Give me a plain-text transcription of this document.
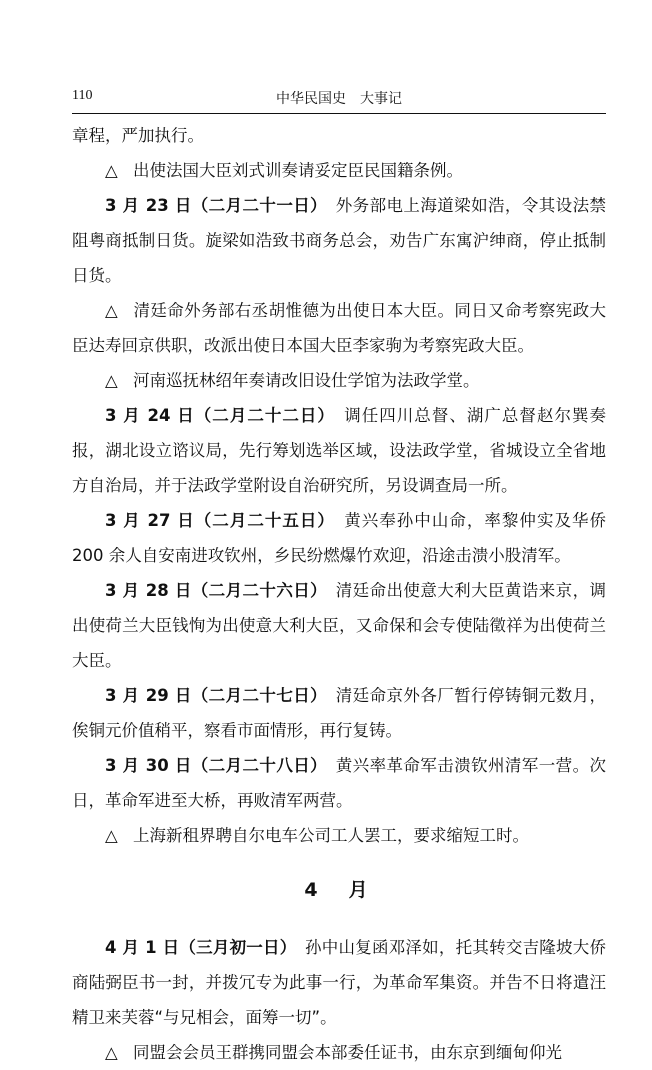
110	中华民国史　大事记
章程，严加执行。
△ 出使法国大臣刘式训奏请妥定臣民国籍条例。
3 月 23 日（二月二十一日）　 外务部电上海道梁如浩，令其设法禁阻粤商抵制日货。旋梁如浩致书商务总会，劝告广东寓沪绅商，停止抵制日货。
△ 清廷命外务部右丞胡惟德为出使日本大臣。同日又命考察宪政大臣达寿回京供职，改派出使日本国大臣李家驹为考察宪政大臣。
△ 河南巡抚林绍年奏请改旧设仕学馆为法政学堂。
3 月 24 日（二月二十二日）　 调任四川总督、湖广总督赵尔巽奏报，湖北设立谘议局，先行筹划选举区域，设法政学堂，省城设立全省地方自治局，并于法政学堂附设自治研究所，另设调查局一所。
3 月 27 日（二月二十五日）　 黄兴奉孙中山命，率黎仲实及华侨 200 余人自安南进攻钦州，乡民纷燃爆竹欢迎，沿途击溃小股清军。
3 月 28 日（二月二十六日）　 清廷命出使意大利大臣黄诰来京，调出使荷兰大臣钱恂为出使意大利大臣，又命保和会专使陆徵祥为出使荷兰大臣。
3 月 29 日（二月二十七日）　 清廷命京外各厂暂行停铸铜元数月，俟铜元价值稍平，察看市面情形，再行复铸。
3 月 30 日（二月二十八日）　 黄兴率革命军击溃钦州清军一营。次日，革命军进至大桥，再败清军两营。
△ 上海新租界聘自尔电车公司工人罢工，要求缩短工时。
4　月
4 月 1 日（三月初一日）　 孙中山复函邓泽如，托其转交吉隆坡大侨商陆弼臣书一封，并拨冗专为此事一行，为革命军集资。并告不日将遣汪精卫来芙蓉“与兄相会，面筹一切”。
△ 同盟会会员王群携同盟会本部委任证书，由东京到缅甸仰光
